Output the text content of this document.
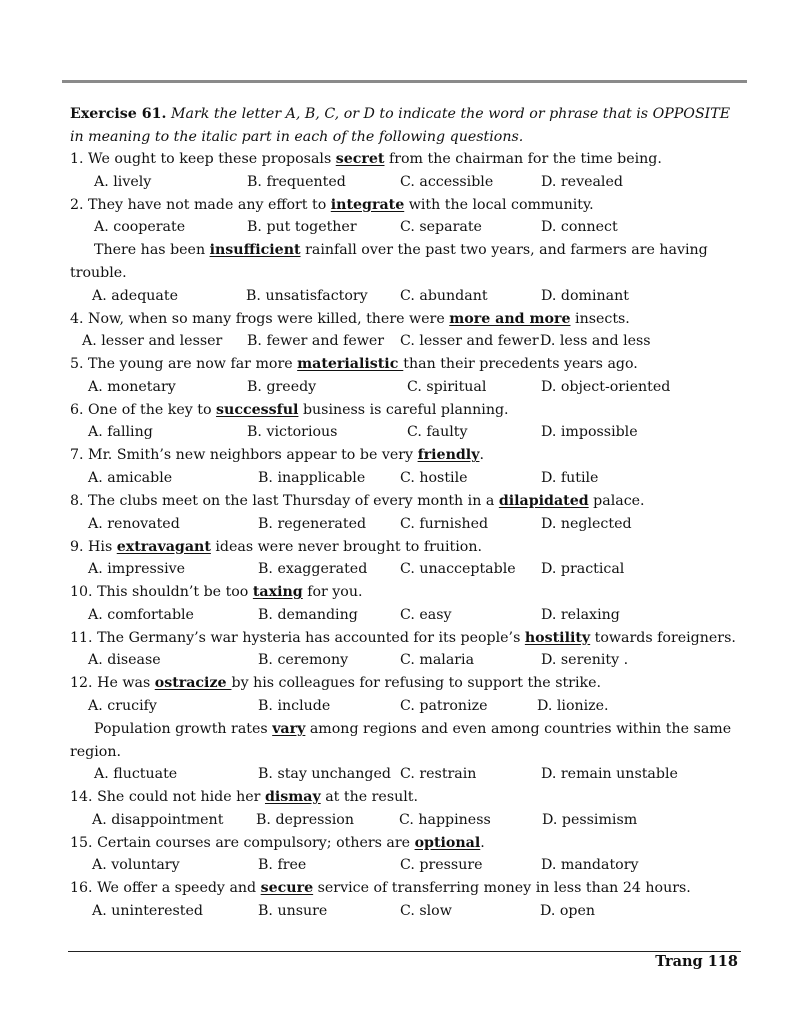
Exercise 61. Mark the letter A, B, C, or D to indicate the word or phrase that is OPPOSITE in meaning to the italic part in each of the following questions.
1. We ought to keep these proposals secret from the chairman for the time being.
A. lively	B. frequented	C. accessible	D. revealed
2. They have not made any effort to integrate with the local community.
A. cooperate	B. put together	C. separate	D. connect
There has been insufficient rainfall over the past two years, and farmers are having trouble.
A. adequate	B. unsatisfactory C. abundant	D. dominant
4. Now, when so many frogs were killed, there were more and more insects.
A. lesser and lesser B. fewer and fewer C. lesser and fewer D. less and less
5. The young are now far more materialistic than their precedents years ago.
A. monetary	B. greedy	C. spiritual	D. object-oriented
6. One of the key to successful business is careful planning.
A. falling	B. victorious	C. faulty	D. impossible
7. Mr. Smith’s new neighbors appear to be very friendly.
A. amicable	B. inapplicable C. hostile	D. futile
8. The clubs meet on the last Thursday of every month in a dilapidated palace.
A. renovated	B. regenerated C. furnished	D. neglected
9. His extravagant ideas were never brought to fruition.
A. impressive	B. exaggerated C. unacceptable D. practical
10. This shouldn’t be too taxing for you.
A. comfortable	B. demanding	C. easy	D. relaxing
11. The Germany’s war hysteria has accounted for its people’s hostility towards foreigners.
A. disease	B. ceremony	C. malaria	D. serenity .
12. He was ostracize by his colleagues for refusing to support the strike.
A. crucify	B. include	C. patronize	D. lionize.
Population growth rates vary among regions and even among countries within the same region.
A. fluctuate	B. stay unchanged C. restrain	D. remain unstable
14. She could not hide her dismay at the result.
A. disappointment B. depression	C. happiness	D. pessimism
15. Certain courses are compulsory; others are optional.
A. voluntary	B. free	C. pressure	D. mandatory
16. We offer a speedy and secure service of transferring money in less than 24 hours.
A. uninterested	B. unsure	C. slow	D. open
Trang 118
